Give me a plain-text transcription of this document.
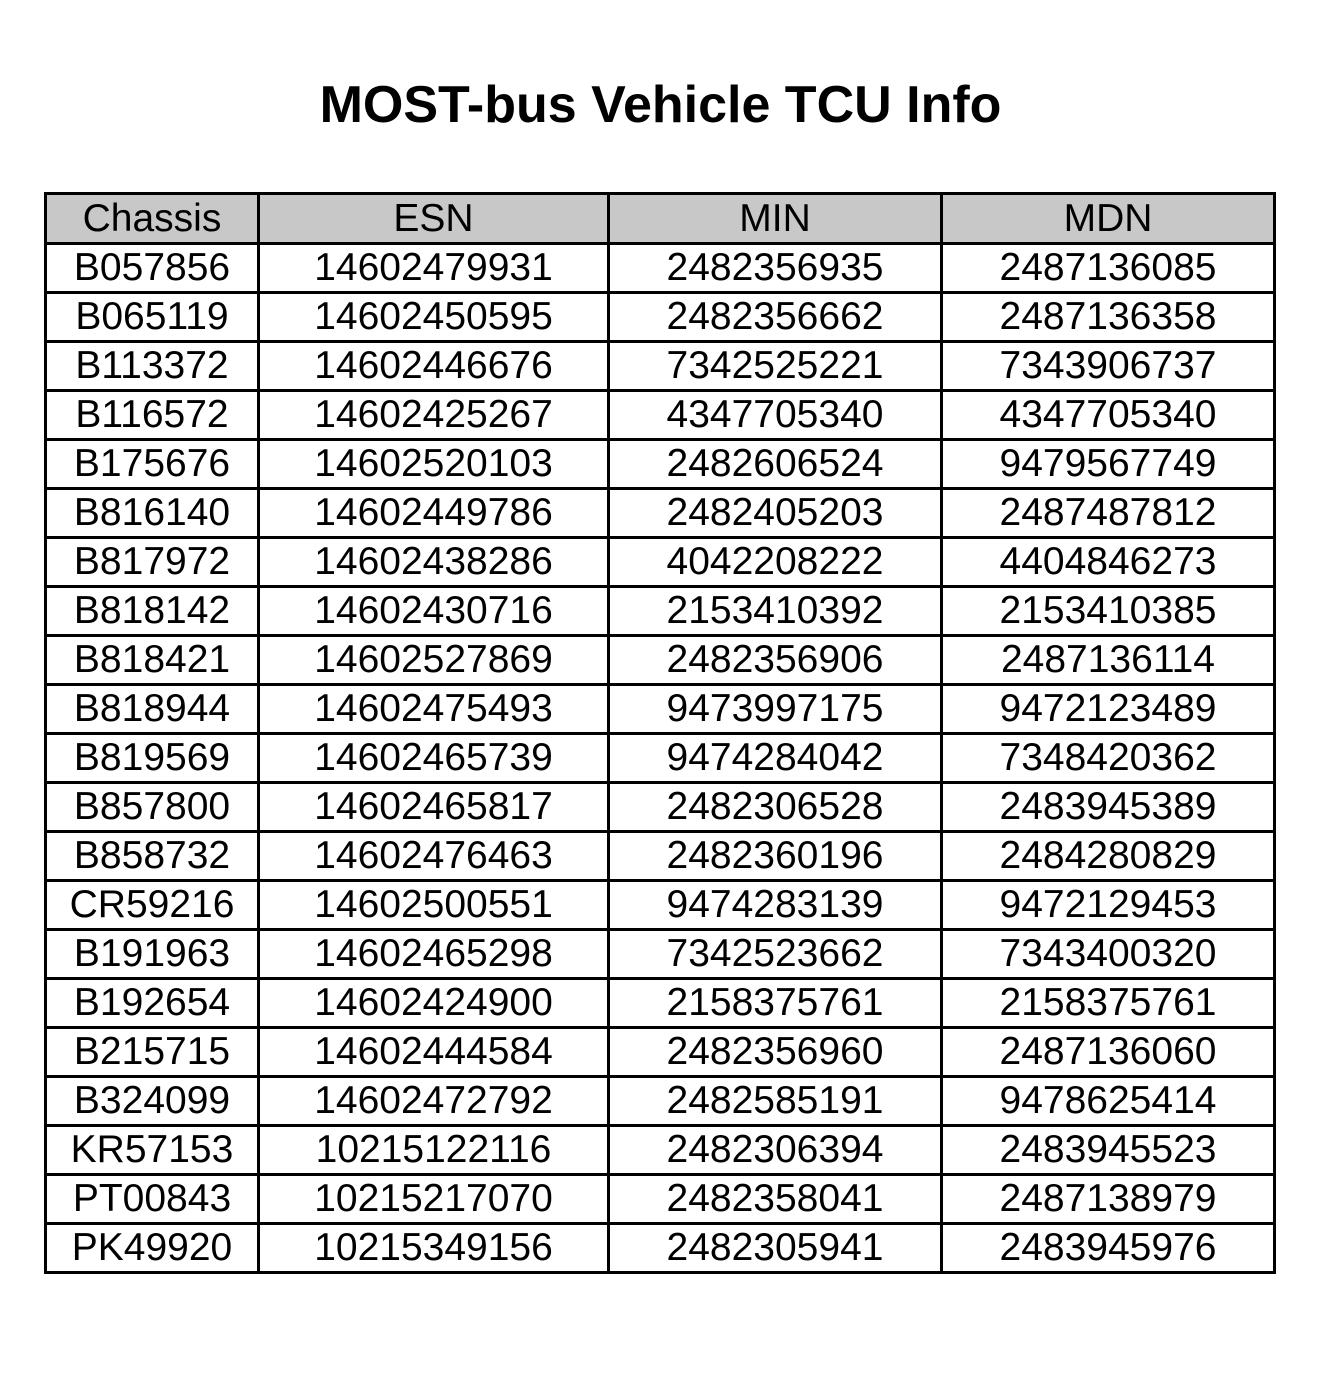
MOST-bus Vehicle TCU Info
Chassis	ESN	MIN	MDN
B057856	14602479931	2482356935	2487136085
B065119	14602450595	2482356662	2487136358
B113372	14602446676	7342525221	7343906737
B116572	14602425267	4347705340	4347705340
B175676	14602520103	2482606524	9479567749
B816140	14602449786	2482405203	2487487812
B817972	14602438286	4042208222	4404846273
B818142	14602430716	2153410392	2153410385
B818421	14602527869	2482356906	2487136114
B818944	14602475493	9473997175	9472123489
B819569	14602465739	9474284042	7348420362
B857800	14602465817	2482306528	2483945389
B858732	14602476463	2482360196	2484280829
CR59216	14602500551	9474283139	9472129453
B191963	14602465298	7342523662	7343400320
B192654	14602424900	2158375761	2158375761
B215715	14602444584	2482356960	2487136060
B324099	14602472792	2482585191	9478625414
KR57153	10215122116	2482306394	2483945523
PT00843	10215217070	2482358041	2487138979
PK49920	10215349156	2482305941	2483945976
